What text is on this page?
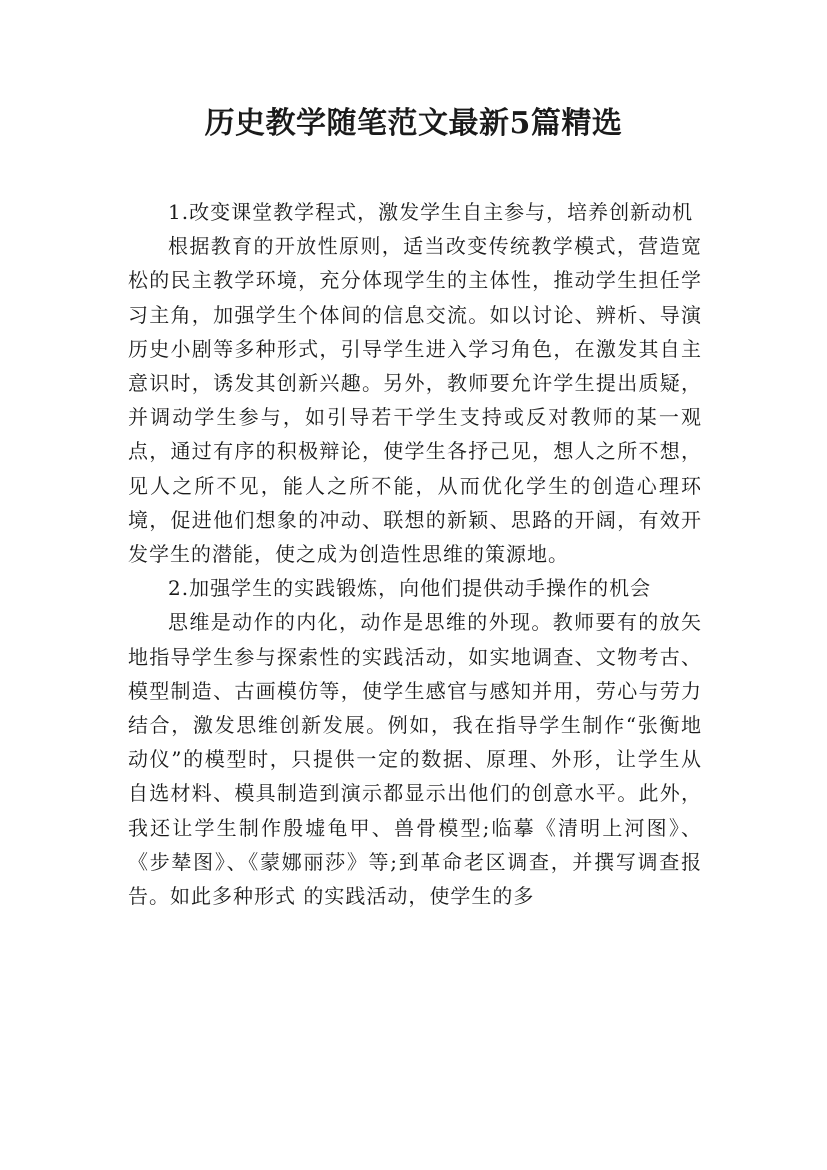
历史教学随笔范文最新5篇精选

1.改变课堂教学程式，激发学生自主参与，培养创新动机

根据教育的开放性原则，适当改变传统教学模式，营造宽松的民主教学环境，充分体现学生的主体性，推动学生担任学习主角，加强学生个体间的信息交流。如以讨论、辨析、导演历史小剧等多种形式，引导学生进入学习角色，在激发其自主意识时，诱发其创新兴趣。另外，教师要允许学生提出质疑，并调动学生参与，如引导若干学生支持或反对教师的某一观点，通过有序的积极辩论，使学生各抒己见，想人之所不想，见人之所不见，能人之所不能，从而优化学生的创造心理环境，促进他们想象的冲动、联想的新颖、思路的开阔，有效开发学生的潜能，使之成为创造性思维的策源地。

2.加强学生的实践锻炼，向他们提供动手操作的机会

思维是动作的内化，动作是思维的外现。教师要有的放矢地指导学生参与探索性的实践活动，如实地调查、文物考古、模型制造、古画模仿等，使学生感官与感知并用，劳心与劳力结合，激发思维创新发展。例如，我在指导学生制作“张衡地动仪”的模型时，只提供一定的数据、原理、外形，让学生从自选材料、模具制造到演示都显示出他们的创意水平。此外，我还让学生制作殷墟龟甲、兽骨模型;临摹《清明上河图》、《步辇图》、《蒙娜丽莎》等;到革命老区调查，并撰写调查报告。如此多种形式 的实践活动，使学生的多
